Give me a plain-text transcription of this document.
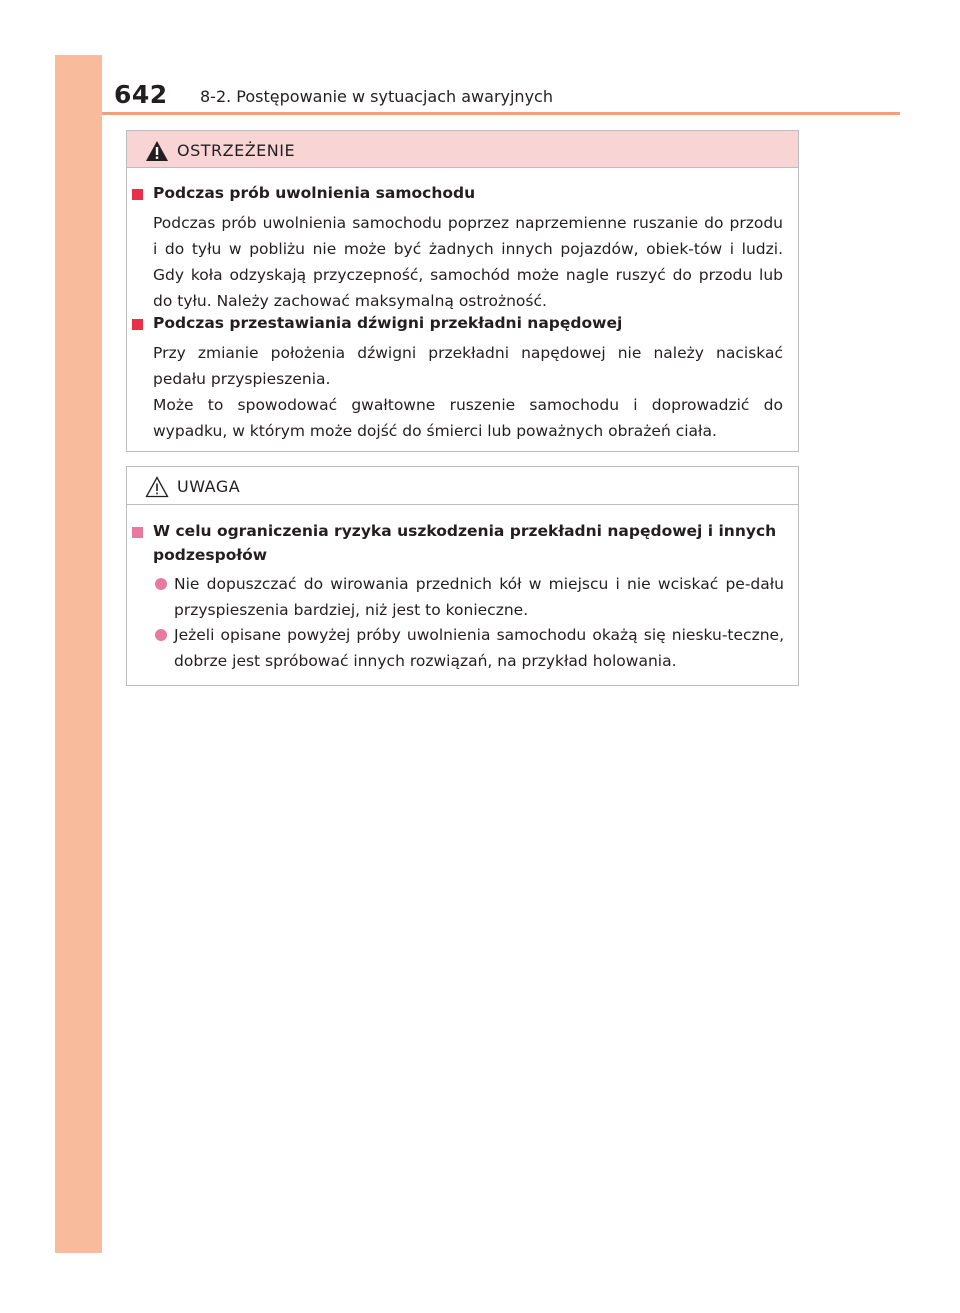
642 8-2. Postępowanie w sytuacjach awaryjnych
OSTRZEŻENIE
Podczas prób uwolnienia samochodu
Podczas prób uwolnienia samochodu poprzez naprzemienne ruszanie do przodu i do tyłu w pobliżu nie może być żadnych innych pojazdów, obiek-tów i ludzi. Gdy koła odzyskają przyczepność, samochód może nagle ruszyć do przodu lub do tyłu. Należy zachować maksymalną ostrożność.
Podczas przestawiania dźwigni przekładni napędowej
Przy zmianie położenia dźwigni przekładni napędowej nie należy naciskać pedału przyspieszenia.
Może to spowodować gwałtowne ruszenie samochodu i doprowadzić do wypadku, w którym może dojść do śmierci lub poważnych obrażeń ciała.
UWAGA
W celu ograniczenia ryzyka uszkodzenia przekładni napędowej i innych podzespołów
Nie dopuszczać do wirowania przednich kół w miejscu i nie wciskać pe-dału przyspieszenia bardziej, niż jest to konieczne.
Jeżeli opisane powyżej próby uwolnienia samochodu okażą się niesku-teczne, dobrze jest spróbować innych rozwiązań, na przykład holowania.
